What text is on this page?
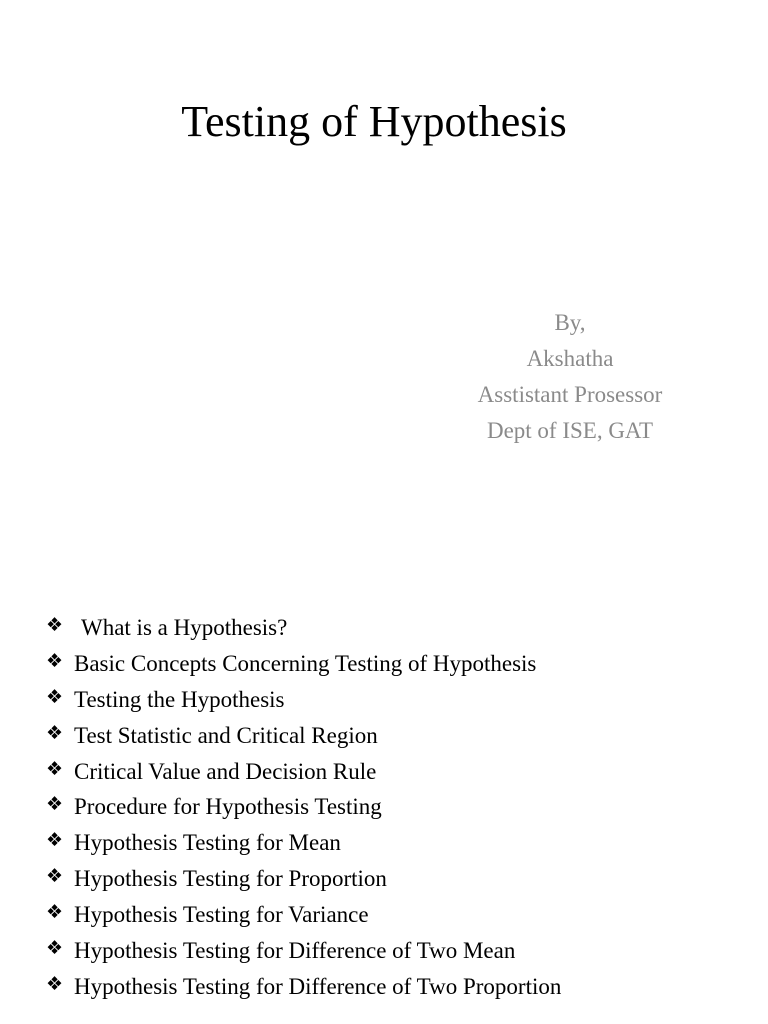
Testing of Hypothesis
By,
Akshatha
Asstistant Prosessor
Dept of ISE, GAT
❖ What is a Hypothesis?
❖ Basic Concepts Concerning Testing of Hypothesis
❖ Testing the Hypothesis
❖ Test Statistic and Critical Region
❖ Critical Value and Decision Rule
❖ Procedure for Hypothesis Testing
❖ Hypothesis Testing for Mean
❖ Hypothesis Testing for Proportion
❖ Hypothesis Testing for Variance
❖ Hypothesis Testing for Difference of Two Mean
❖ Hypothesis Testing for Difference of Two Proportion
